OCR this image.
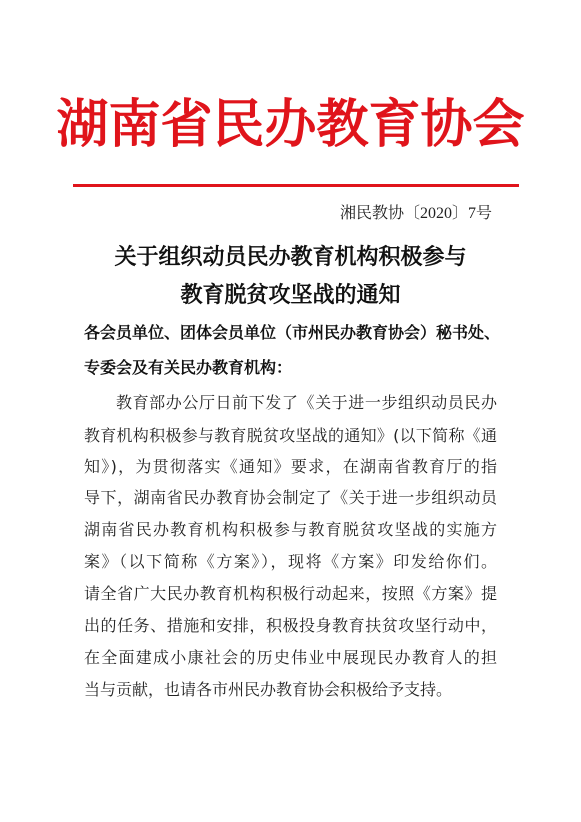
湖南省民办教育协会
湘民教协〔2020〕7号
关于组织动员民办教育机构积极参与
教育脱贫攻坚战的通知
各会员单位、团体会员单位（市州民办教育协会）秘书处、
专委会及有关民办教育机构：
教育部办公厅日前下发了《关于进一步组织动员民办
教育机构积极参与教育脱贫攻坚战的通知》(以下简称《通
知》)，为贯彻落实《通知》要求，在湖南省教育厅的指
导下，湖南省民办教育协会制定了《关于进一步组织动员
湖南省民办教育机构积极参与教育脱贫攻坚战的实施方
案》（以下简称《方案》），现将《方案》印发给你们。
请全省广大民办教育机构积极行动起来，按照《方案》提
出的任务、措施和安排，积极投身教育扶贫攻坚行动中，
在全面建成小康社会的历史伟业中展现民办教育人的担
当与贡献，也请各市州民办教育协会积极给予支持。
